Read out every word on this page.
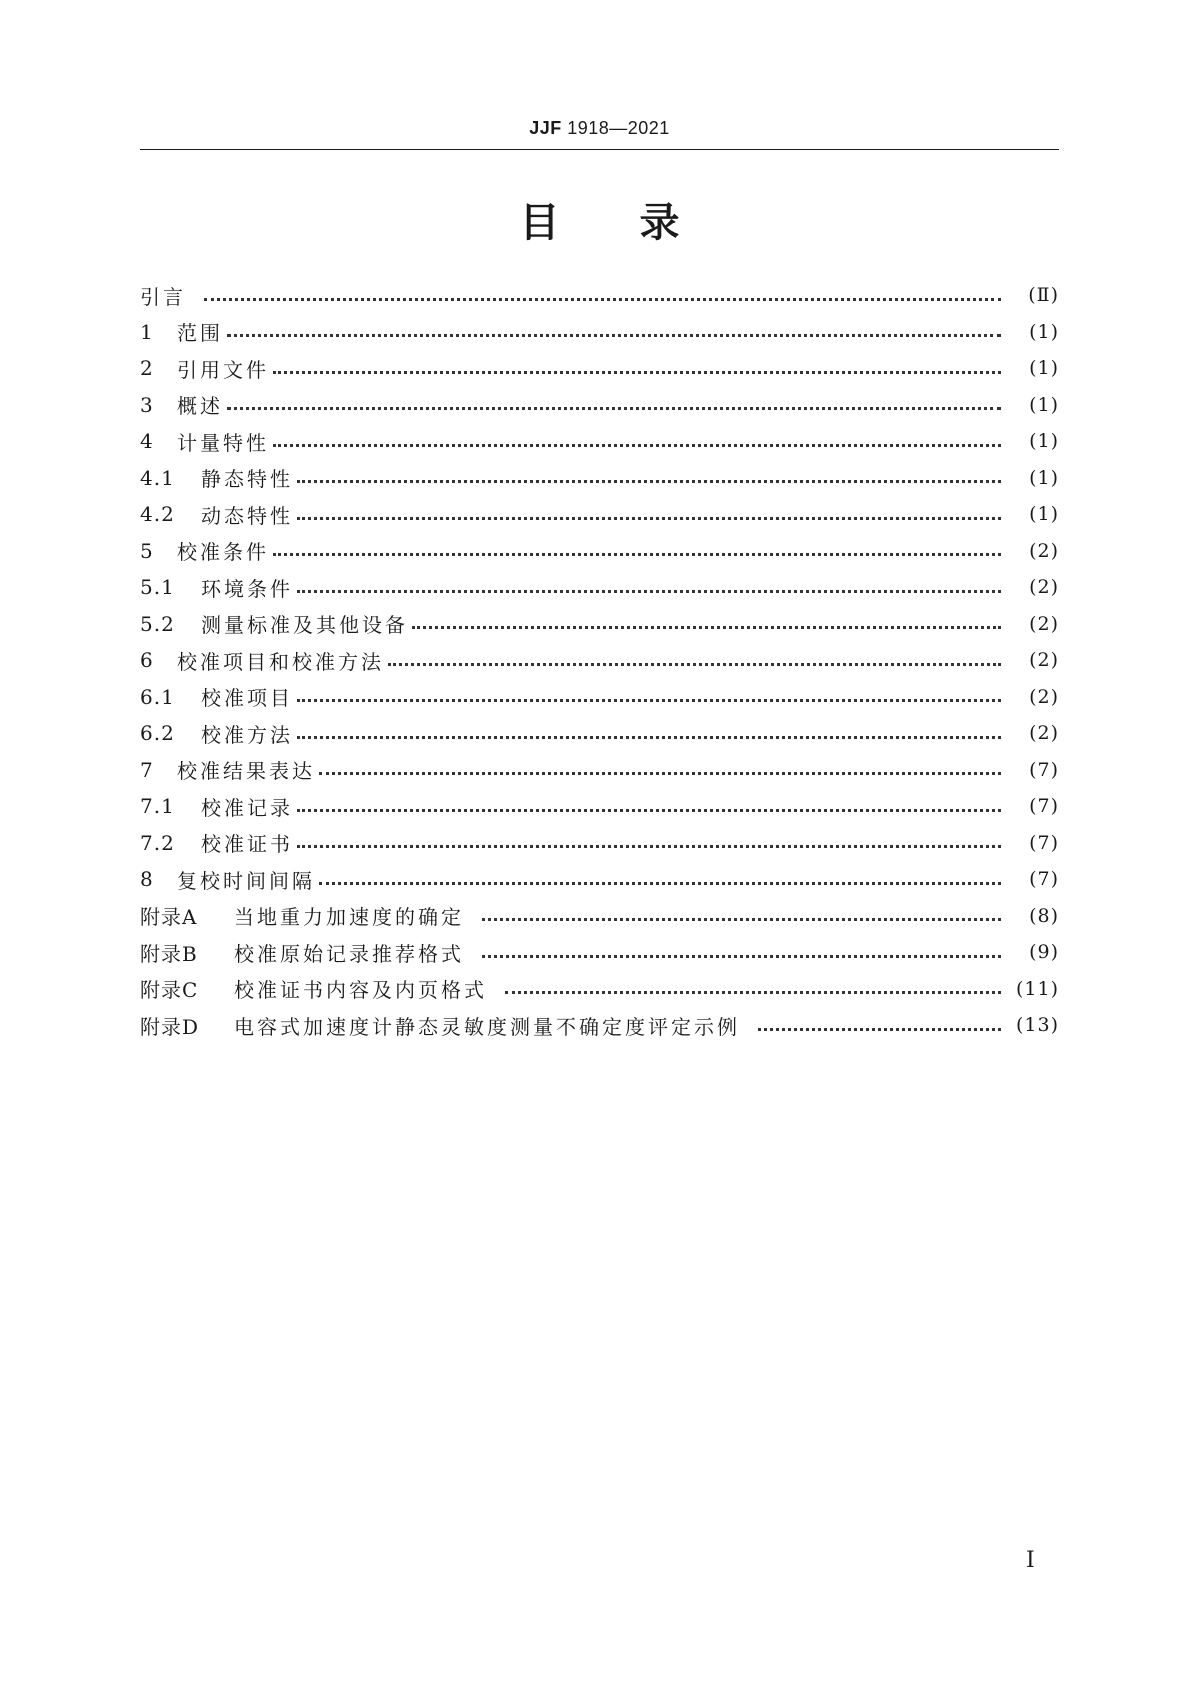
JJF 1918—2021
目录
引言	(Ⅱ)
1	范围	(1)
2	引用文件	(1)
3	概述	(1)
4	计量特性	(1)
4.1	静态特性	(1)
4.2	动态特性	(1)
5	校准条件	(2)
5.1	环境条件	(2)
5.2	测量标准及其他设备	(2)
6	校准项目和校准方法	(2)
6.1	校准项目	(2)
6.2	校准方法	(2)
7	校准结果表达	(7)
7.1	校准记录	(7)
7.2	校准证书	(7)
8	复校时间间隔	(7)
附录A	当地重力加速度的确定	(8)
附录B	校准原始记录推荐格式	(9)
附录C	校准证书内容及内页格式	(11)
附录D	电容式加速度计静态灵敏度测量不确定度评定示例	(13)
Ⅰ
